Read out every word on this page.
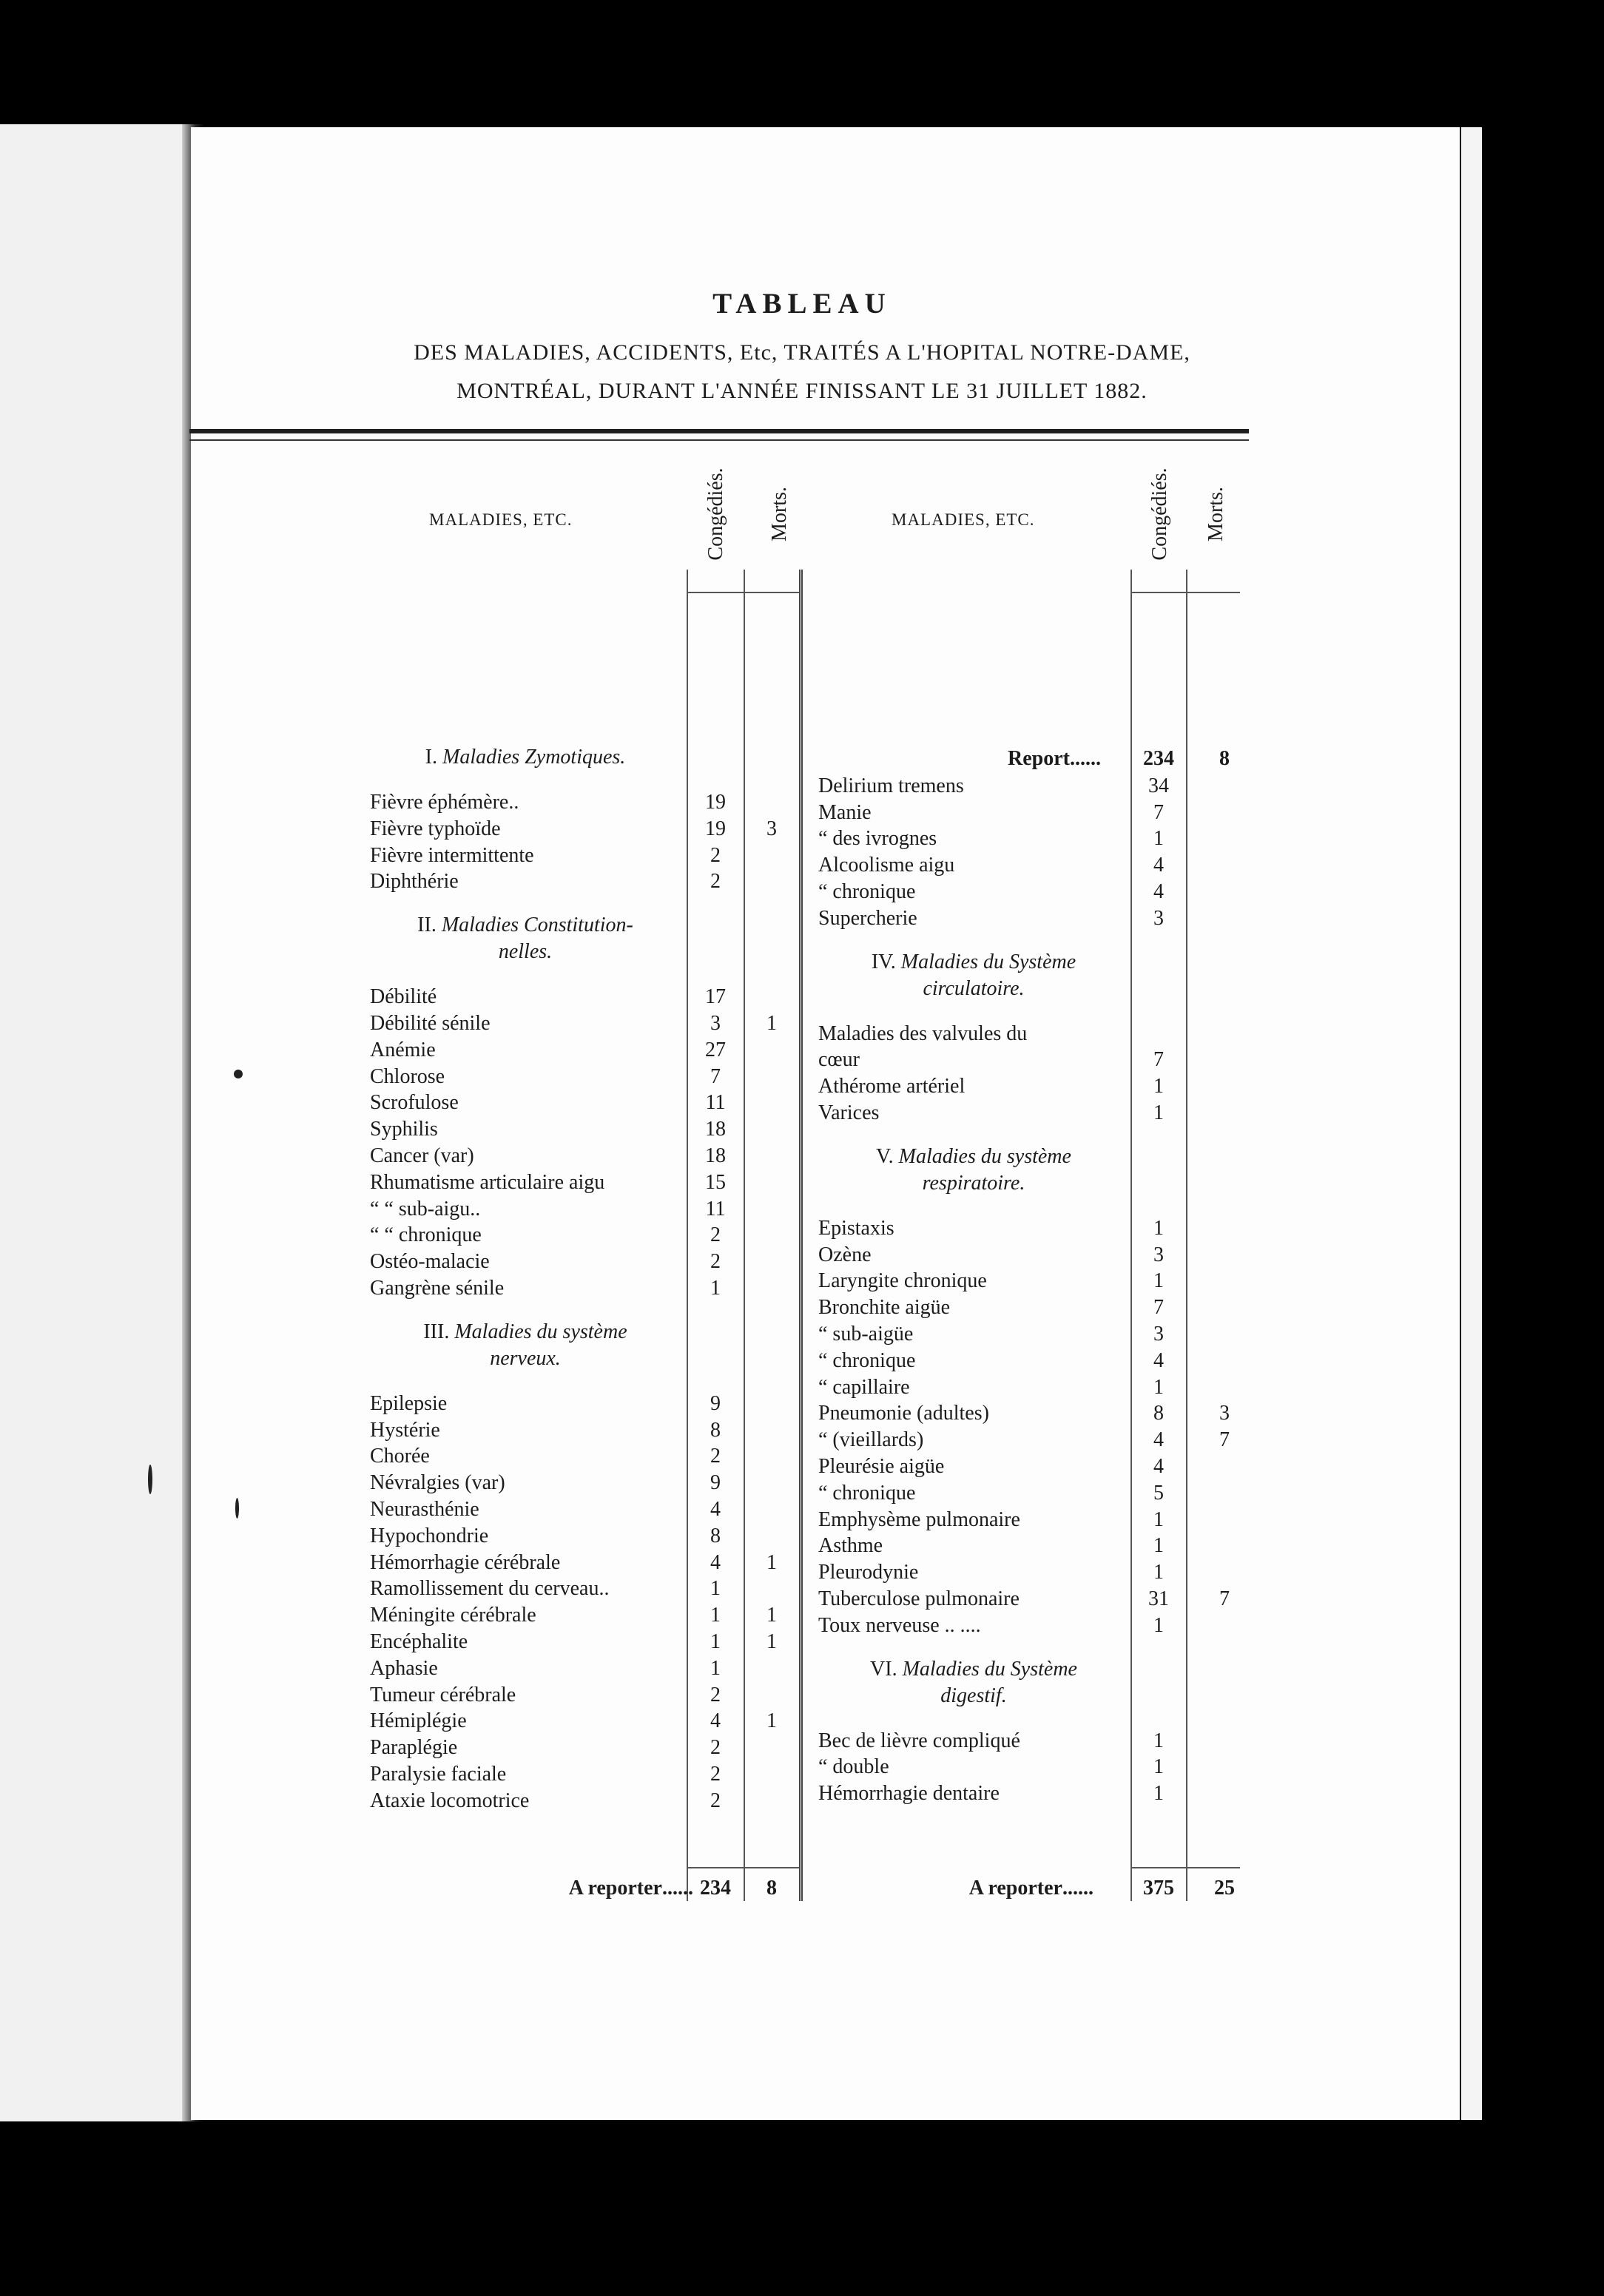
TABLEAU
DES MALADIES, ACCIDENTS, Etc, TRAITÉS A L'HOPITAL NOTRE-DAME,
MONTRÉAL, DURANT L'ANNÉE FINISSANT LE 31 JUILLET 1882.
MALADIES, ETC.	Congédiés. Morts.	MALADIES, ETC.	Congédiés. Morts.
I. Maladies Zymotiques.
Fièvre éphémère..	19
Fièvre typhoïde	19	3
Fièvre intermittente	2
Diphthérie	2
II. Maladies Constitution-
nelles.
Débilité	17
Débilité sénile	3	1
Anémie	27
Chlorose	7
Scrofulose	11
Syphilis	18
Cancer (var)	18
Rhumatisme articulaire aigu	15
“ “ sub-aigu..	11
“ “ chronique	2
Ostéo-malacie	2
Gangrène sénile	1
III. Maladies du système
nerveux.
Epilepsie	9
Hystérie	8
Chorée	2
Névralgies (var)	9
Neurasthénie	4
Hypochondrie	8
Hémorrhagie cérébrale	4	1
Ramollissement du cerveau..	1
Méningite cérébrale	1	1
Encéphalite	1	1
Aphasie	1
Tumeur cérébrale	2
Hémiplégie	4	1
Paraplégie	2
Paralysie faciale	2
Ataxie locomotrice	2
A reporter ...... 234	8
Report ......	234	8
Delirium tremens	34
Manie	7
“ des ivrognes	1
Alcoolisme aigu	4
“ chronique	4
Supercherie	3
IV. Maladies du Système
circulatoire.
Maladies des valvules du
cœur	7
Athérome artériel	1
Varices	1
V. Maladies du système
respiratoire.
Epistaxis	1
Ozène	3
Laryngite chronique	1
Bronchite aigüe	7
“ sub-aigüe	3
“ chronique	4
“ capillaire	1
Pneumonie (adultes)	8	3
“ (vieillards)	4	7
Pleurésie aigüe	4
“ chronique	5
Emphysème pulmonaire	1
Asthme	1
Pleurodynie	1
Tuberculose pulmonaire	31	7
Toux nerveuse .. ....	1
VI. Maladies du Système
digestif.
Bec de lièvre compliqué	1
“ double	1
Hémorrhagie dentaire	1
A reporter ......	375	25
